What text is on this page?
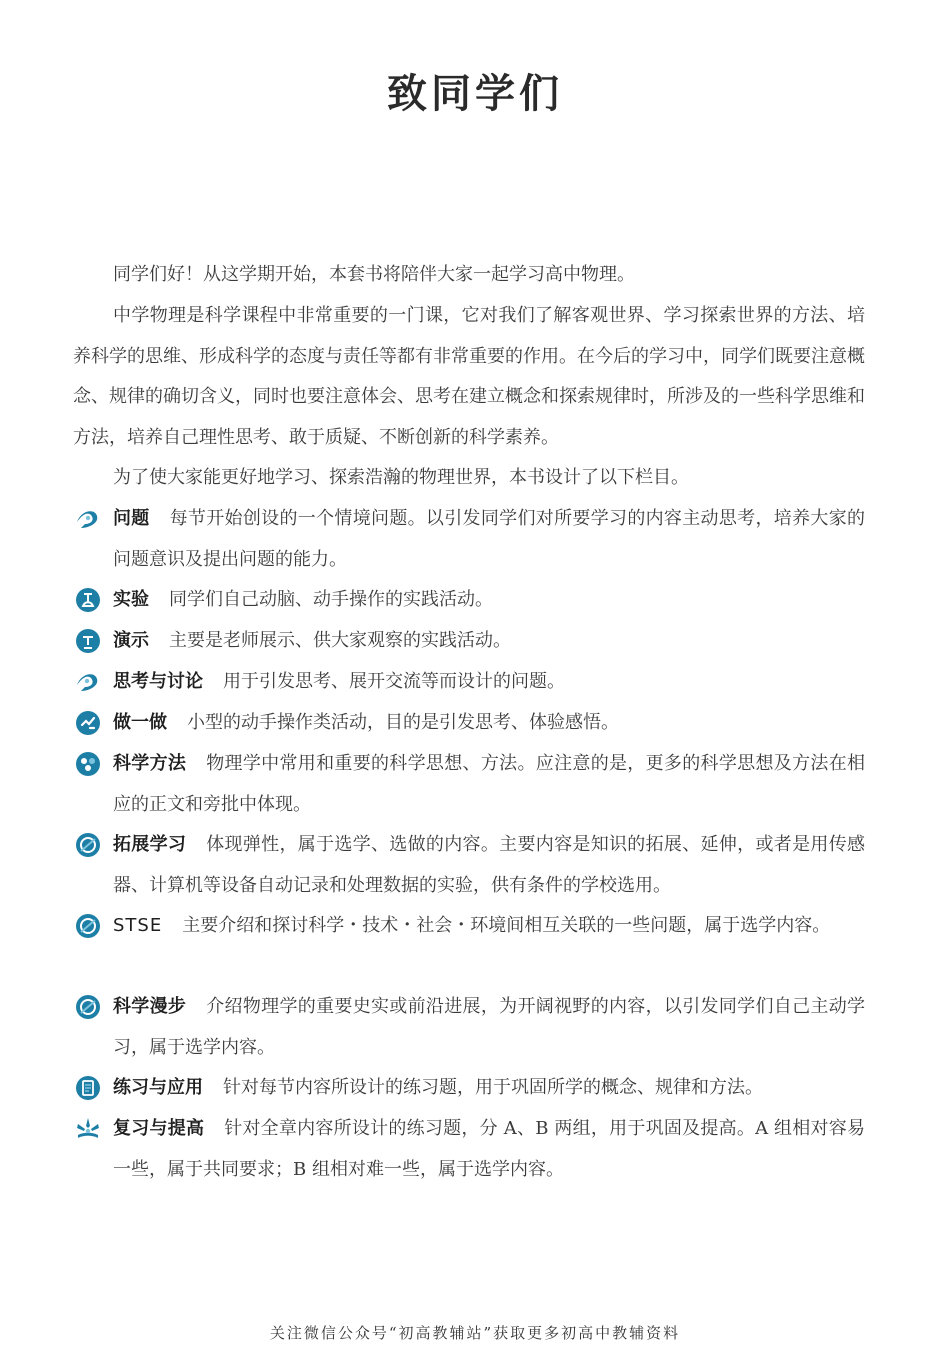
致同学们

同学们好！从这学期开始，本套书将陪伴大家一起学习高中物理。

中学物理是科学课程中非常重要的一门课，它对我们了解客观世界、学习探索世界的方法、培养科学的思维、形成科学的态度与责任等都有非常重要的作用。在今后的学习中，同学们既要注意概念、规律的确切含义，同时也要注意体会、思考在建立概念和探索规律时，所涉及的一些科学思维和方法，培养自己理性思考、敢于质疑、不断创新的科学素养。

为了使大家能更好地学习、探索浩瀚的物理世界，本书设计了以下栏目。

问题 每节开始创设的一个情境问题。以引发同学们对所要学习的内容主动思考，培养大家的问题意识及提出问题的能力。
实验 同学们自己动脑、动手操作的实践活动。
演示 主要是老师展示、供大家观察的实践活动。
思考与讨论 用于引发思考、展开交流等而设计的问题。
做一做 小型的动手操作类活动，目的是引发思考、体验感悟。
科学方法 物理学中常用和重要的科学思想、方法。应注意的是，更多的科学思想及方法在相应的正文和旁批中体现。
拓展学习 体现弹性，属于选学、选做的内容。主要内容是知识的拓展、延伸，或者是用传感器、计算机等设备自动记录和处理数据的实验，供有条件的学校选用。
STSE 主要介绍和探讨科学・技术・社会・环境间相互关联的一些问题，属于选学内容。
科学漫步 介绍物理学的重要史实或前沿进展，为开阔视野的内容，以引发同学们自己主动学习，属于选学内容。
练习与应用 针对每节内容所设计的练习题，用于巩固所学的概念、规律和方法。
复习与提高 针对全章内容所设计的练习题，分 A、B 两组，用于巩固及提高。A 组相对容易一些，属于共同要求；B 组相对难一些，属于选学内容。
关注微信公众号“初高教辅站”获取更多初高中教辅资料
